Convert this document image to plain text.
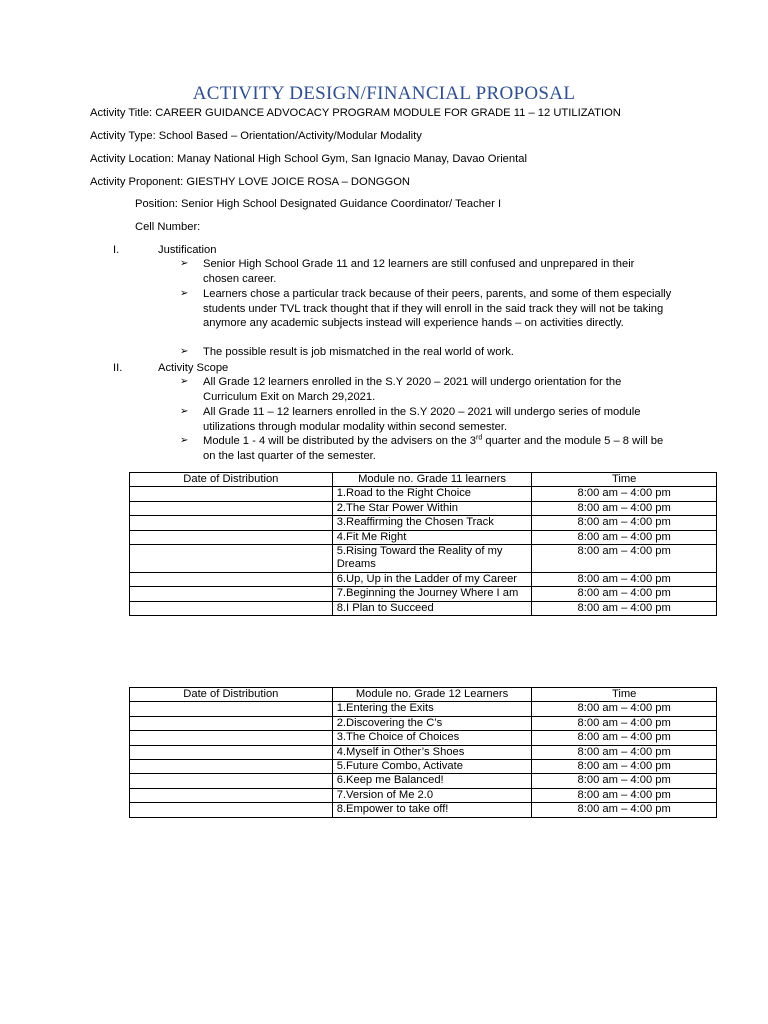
ACTIVITY DESIGN/FINANCIAL PROPOSAL
Activity Title: CAREER GUIDANCE ADVOCACY PROGRAM MODULE FOR GRADE 11 – 12 UTILIZATION
Activity Type: School Based – Orientation/Activity/Modular Modality
Activity Location: Manay National High School Gym, San Ignacio Manay, Davao Oriental
Activity Proponent: GIESTHY LOVE JOICE ROSA – DONGGON
Position: Senior High School Designated Guidance Coordinator/ Teacher I
Cell Number:
I.	Justification
➢ Senior High School Grade 11 and 12 learners are still confused and unprepared in their chosen career.
➢ Learners chose a particular track because of their peers, parents, and some of them especially students under TVL track thought that if they will enroll in the said track they will not be taking anymore any academic subjects instead will experience hands – on activities directly.
➢ The possible result is job mismatched in the real world of work.
II.	Activity Scope
➢ All Grade 12 learners enrolled in the S.Y 2020 – 2021 will undergo orientation for the Curriculum Exit on March 29,2021.
➢ All Grade 11 – 12 learners enrolled in the S.Y 2020 – 2021 will undergo series of module utilizations through modular modality within second semester.
➢ Module 1 - 4 will be distributed by the advisers on the 3rd quarter and the module 5 – 8 will be on the last quarter of the semester.
Date of Distribution	Module no. Grade 11 learners	Time
	1.Road to the Right Choice	8:00 am – 4:00 pm
	2.The Star Power Within	8:00 am – 4:00 pm
	3.Reaffirming the Chosen Track	8:00 am – 4:00 pm
	4.Fit Me Right	8:00 am – 4:00 pm
	5.Rising Toward the Reality of my Dreams	8:00 am – 4:00 pm
	6.Up, Up in the Ladder of my Career	8:00 am – 4:00 pm
	7.Beginning the Journey Where I am	8:00 am – 4:00 pm
	8.I Plan to Succeed	8:00 am – 4:00 pm
Date of Distribution	Module no. Grade 12 Learners	Time
	1.Entering the Exits	8:00 am – 4:00 pm
	2.Discovering the C’s	8:00 am – 4:00 pm
	3.The Choice of Choices	8:00 am – 4:00 pm
	4.Myself in Other’s Shoes	8:00 am – 4:00 pm
	5.Future Combo, Activate	8:00 am – 4:00 pm
	6.Keep me Balanced!	8:00 am – 4:00 pm
	7.Version of Me 2.0	8:00 am – 4:00 pm
	8.Empower to take off!	8:00 am – 4:00 pm
